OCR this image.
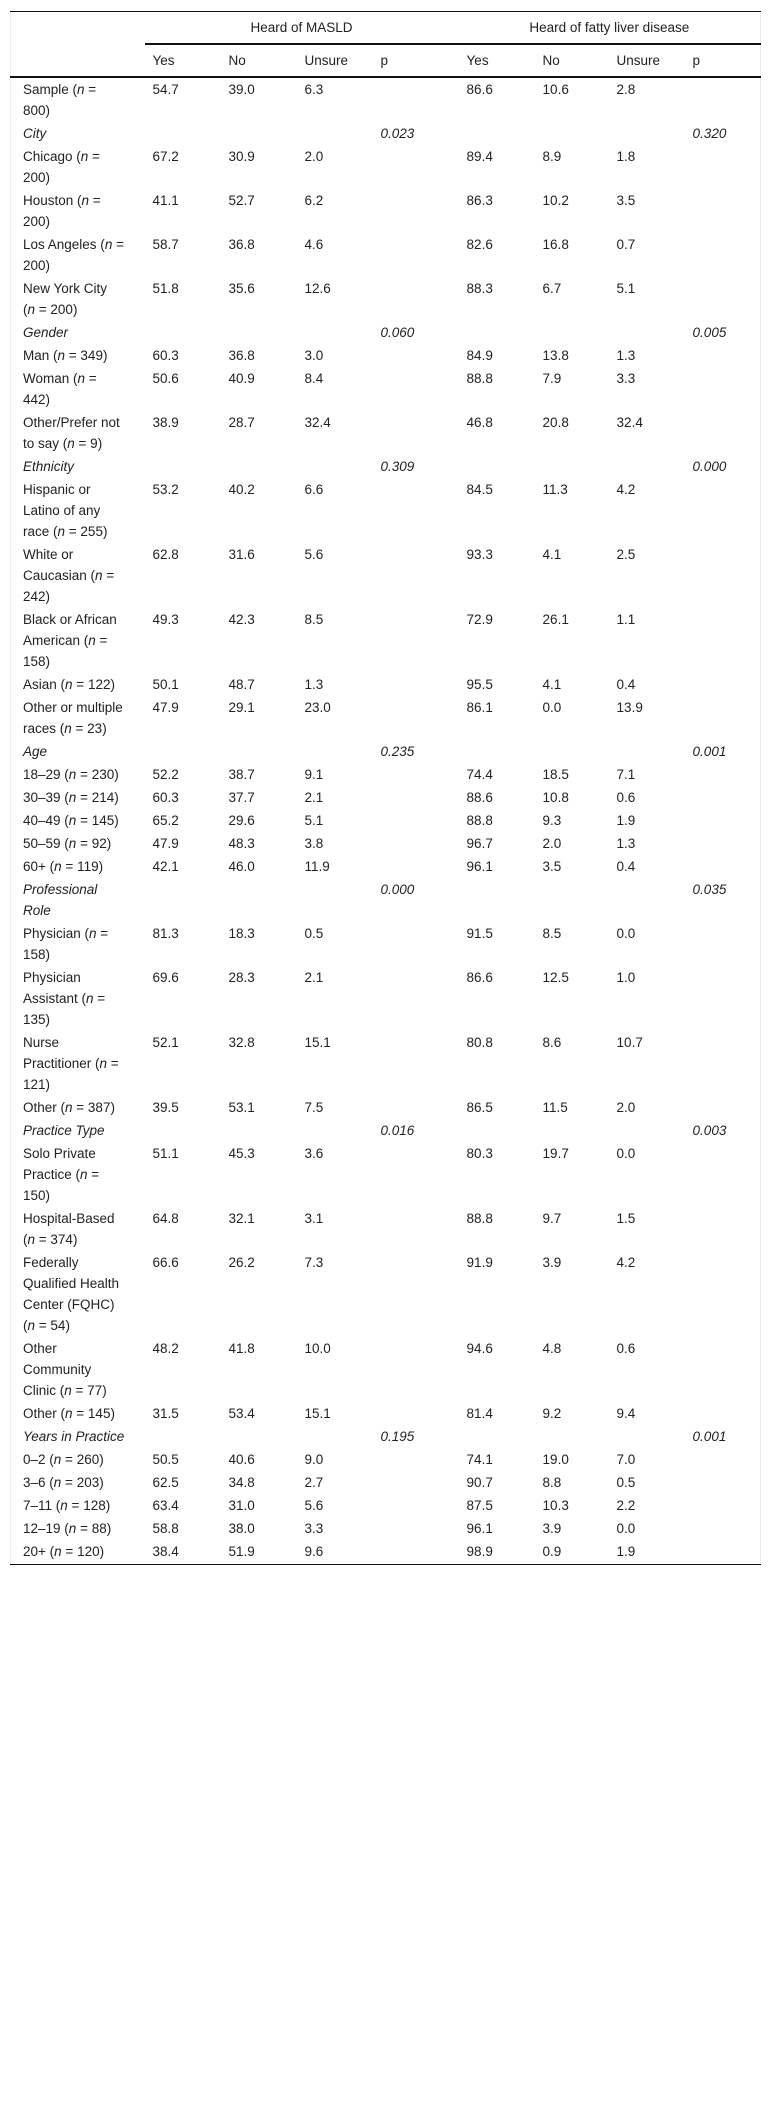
	Heard of MASLD				Heard of fatty liver disease			
	Yes	No	Unsure	p	Yes	No	Unsure	p
Sample (n = 800)	54.7	39.0	6.3		86.6	10.6	2.8	
City				0.023				0.320
Chicago (n = 200)	67.2	30.9	2.0		89.4	8.9	1.8	
Houston (n = 200)	41.1	52.7	6.2		86.3	10.2	3.5	
Los Angeles (n = 200)	58.7	36.8	4.6		82.6	16.8	0.7	
New York City (n = 200)	51.8	35.6	12.6		88.3	6.7	5.1	
Gender				0.060				0.005
Man (n = 349)	60.3	36.8	3.0		84.9	13.8	1.3	
Woman (n = 442)	50.6	40.9	8.4		88.8	7.9	3.3	
Other/Prefer not to say (n = 9)	38.9	28.7	32.4		46.8	20.8	32.4	
Ethnicity				0.309				0.000
Hispanic or Latino of any race (n = 255)	53.2	40.2	6.6		84.5	11.3	4.2	
White or Caucasian (n = 242)	62.8	31.6	5.6		93.3	4.1	2.5	
Black or African American (n = 158)	49.3	42.3	8.5		72.9	26.1	1.1	
Asian (n = 122)	50.1	48.7	1.3		95.5	4.1	0.4	
Other or multiple races (n = 23)	47.9	29.1	23.0		86.1	0.0	13.9	
Age				0.235				0.001
18–29 (n = 230)	52.2	38.7	9.1		74.4	18.5	7.1	
30–39 (n = 214)	60.3	37.7	2.1		88.6	10.8	0.6	
40–49 (n = 145)	65.2	29.6	5.1		88.8	9.3	1.9	
50–59 (n = 92)	47.9	48.3	3.8		96.7	2.0	1.3	
60+ (n = 119)	42.1	46.0	11.9		96.1	3.5	0.4	
Professional Role				0.000				0.035
Physician (n = 158)	81.3	18.3	0.5		91.5	8.5	0.0	
Physician Assistant (n = 135)	69.6	28.3	2.1		86.6	12.5	1.0	
Nurse Practitioner (n = 121)	52.1	32.8	15.1		80.8	8.6	10.7	
Other (n = 387)	39.5	53.1	7.5		86.5	11.5	2.0	
Practice Type				0.016				0.003
Solo Private Practice (n = 150)	51.1	45.3	3.6		80.3	19.7	0.0	
Hospital-Based (n = 374)	64.8	32.1	3.1		88.8	9.7	1.5	
Federally Qualified Health Center (FQHC) (n = 54)	66.6	26.2	7.3		91.9	3.9	4.2	
Other Community Clinic (n = 77)	48.2	41.8	10.0		94.6	4.8	0.6	
Other (n = 145)	31.5	53.4	15.1		81.4	9.2	9.4	
Years in Practice				0.195				0.001
0–2 (n = 260)	50.5	40.6	9.0		74.1	19.0	7.0	
3–6 (n = 203)	62.5	34.8	2.7		90.7	8.8	0.5	
7–11 (n = 128)	63.4	31.0	5.6		87.5	10.3	2.2	
12–19 (n = 88)	58.8	38.0	3.3		96.1	3.9	0.0	
20+ (n = 120)	38.4	51.9	9.6		98.9	0.9	1.9	
